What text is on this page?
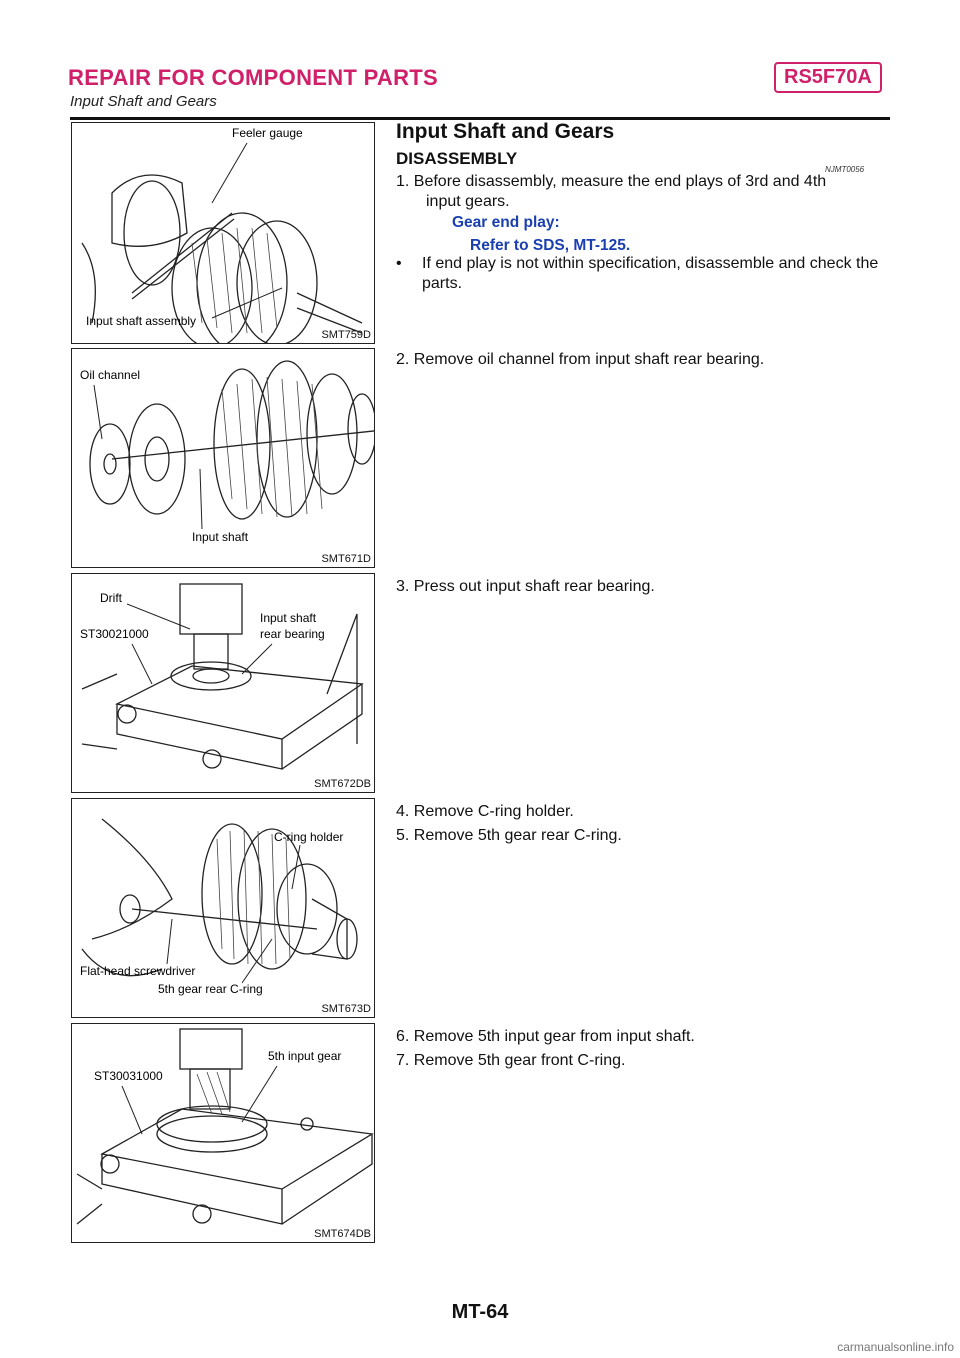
REPAIR FOR COMPONENT PARTS	RS5F70A
Input Shaft and Gears
Feeler gauge
Input shaft assembly
SMT759D
Oil channel
Input shaft
SMT671D
Drift
ST30021000
Input shaft
rear bearing
SMT672DB
C-ring holder
Flat-head screwdriver
5th gear rear C-ring
SMT673D
5th input gear
ST30031000
SMT674DB
Input Shaft and Gears
DISASSEMBLY
NJMT0056
1. Before disassembly, measure the end plays of 3rd and 4th
input gears.
Gear end play:
Refer to SDS, MT-125.
•	If end play is not within specification, disassemble and check the parts.
2. Remove oil channel from input shaft rear bearing.
3. Press out input shaft rear bearing.
4. Remove C-ring holder.
5. Remove 5th gear rear C-ring.
6. Remove 5th input gear from input shaft.
7. Remove 5th gear front C-ring.
MT-64
carmanualsonline.info
